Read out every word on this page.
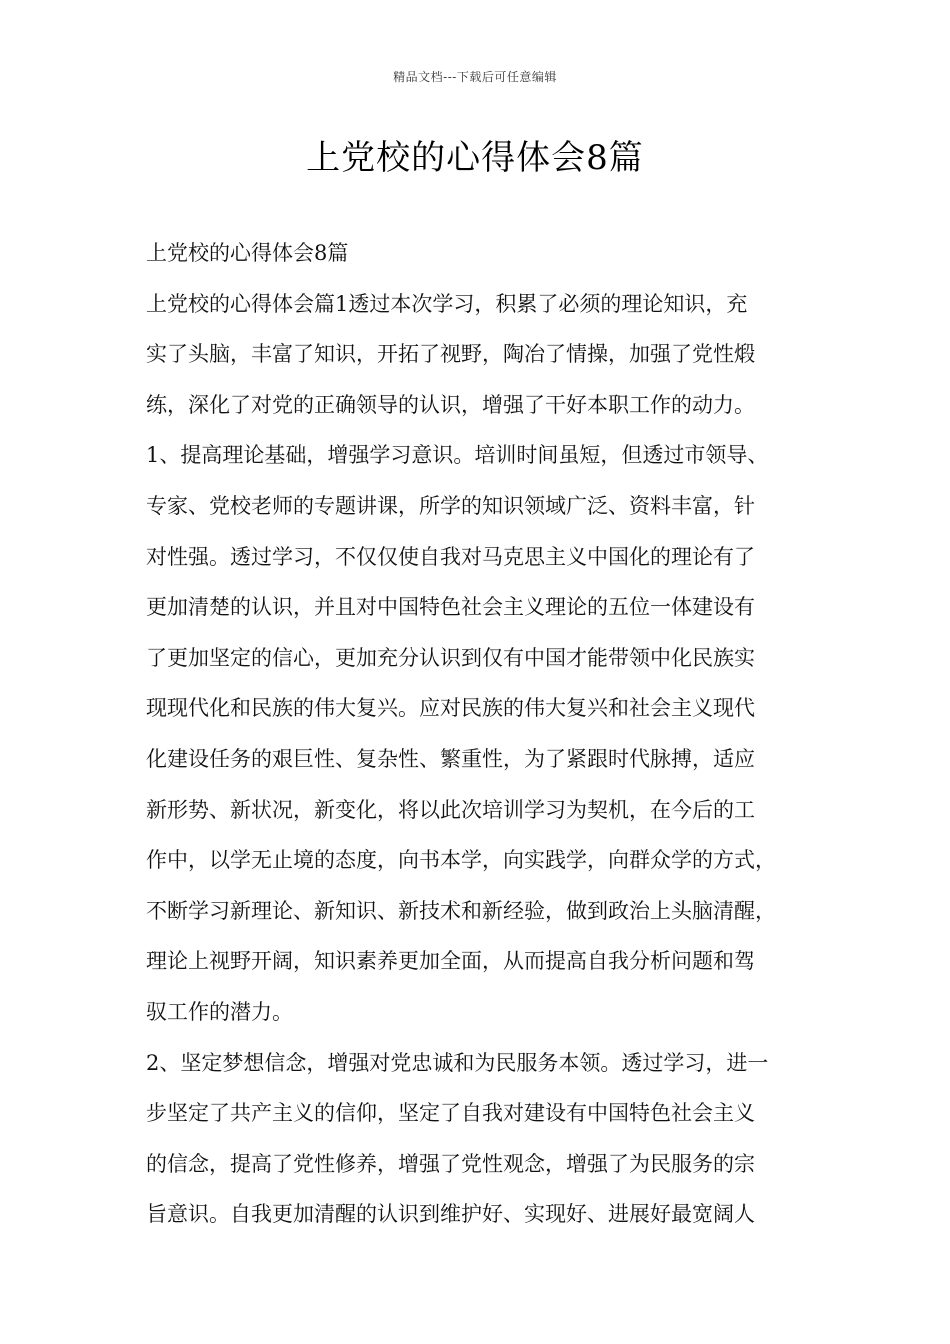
精品文档---下载后可任意编辑
上党校的心得体会8篇
上党校的心得体会8篇
上党校的心得体会篇1透过本次学习，积累了必须的理论知识，充
实了头脑，丰富了知识，开拓了视野，陶冶了情操，加强了党性煅
练，深化了对党的正确领导的认识，增强了干好本职工作的动力。
1、提高理论基础，增强学习意识。培训时间虽短，但透过市领导、
专家、党校老师的专题讲课，所学的知识领域广泛、资料丰富，针
对性强。透过学习，不仅仅使自我对马克思主义中国化的理论有了
更加清楚的认识，并且对中国特色社会主义理论的五位一体建设有
了更加坚定的信心，更加充分认识到仅有中国才能带领中化民族实
现现代化和民族的伟大复兴。应对民族的伟大复兴和社会主义现代
化建设任务的艰巨性、复杂性、繁重性，为了紧跟时代脉搏，适应
新形势、新状况，新变化，将以此次培训学习为契机，在今后的工
作中，以学无止境的态度，向书本学，向实践学，向群众学的方式，
不断学习新理论、新知识、新技术和新经验，做到政治上头脑清醒，
理论上视野开阔，知识素养更加全面，从而提高自我分析问题和驾
驭工作的潜力。
2、坚定梦想信念，增强对党忠诚和为民服务本领。透过学习，进一
步坚定了共产主义的信仰，坚定了自我对建设有中国特色社会主义
的信念，提高了党性修养，增强了党性观念，增强了为民服务的宗
旨意识。自我更加清醒的认识到维护好、实现好、进展好最宽阔人
